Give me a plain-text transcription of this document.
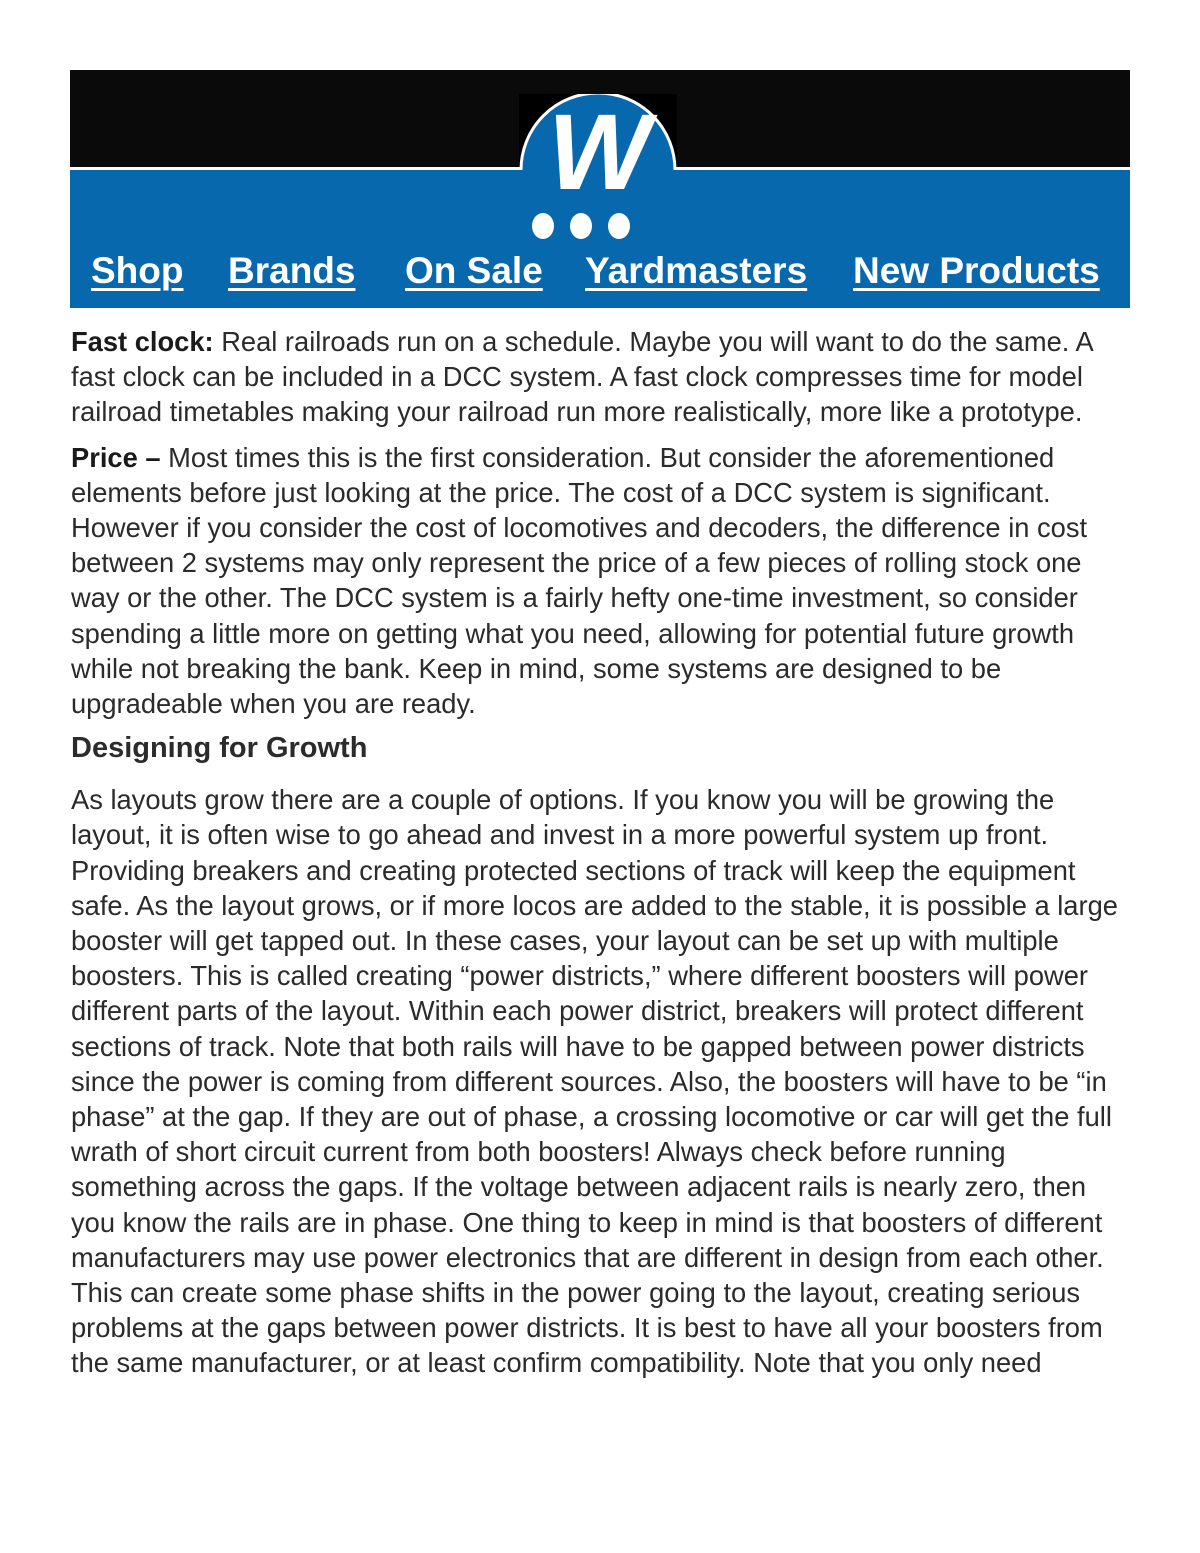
W
Shop Brands On Sale Yardmasters New Products

Fast clock: Real railroads run on a schedule. Maybe you will want to do the same. A fast clock can be included in a DCC system. A fast clock compresses time for model railroad timetables making your railroad run more realistically, more like a prototype.

Price – Most times this is the first consideration. But consider the aforementioned elements before just looking at the price. The cost of a DCC system is significant. However if you consider the cost of locomotives and decoders, the difference in cost between 2 systems may only represent the price of a few pieces of rolling stock one way or the other. The DCC system is a fairly hefty one-time investment, so consider spending a little more on getting what you need, allowing for potential future growth while not breaking the bank. Keep in mind, some systems are designed to be upgradeable when you are ready.

Designing for Growth

As layouts grow there are a couple of options. If you know you will be growing the layout, it is often wise to go ahead and invest in a more powerful system up front. Providing breakers and creating protected sections of track will keep the equipment safe. As the layout grows, or if more locos are added to the stable, it is possible a large booster will get tapped out. In these cases, your layout can be set up with multiple boosters. This is called creating “power districts,” where different boosters will power different parts of the layout. Within each power district, breakers will protect different sections of track. Note that both rails will have to be gapped between power districts since the power is coming from different sources. Also, the boosters will have to be “in phase” at the gap. If they are out of phase, a crossing locomotive or car will get the full wrath of short circuit current from both boosters! Always check before running something across the gaps. If the voltage between adjacent rails is nearly zero, then you know the rails are in phase. One thing to keep in mind is that boosters of different manufacturers may use power electronics that are different in design from each other. This can create some phase shifts in the power going to the layout, creating serious problems at the gaps between power districts. It is best to have all your boosters from the same manufacturer, or at least confirm compatibility. Note that you only need
